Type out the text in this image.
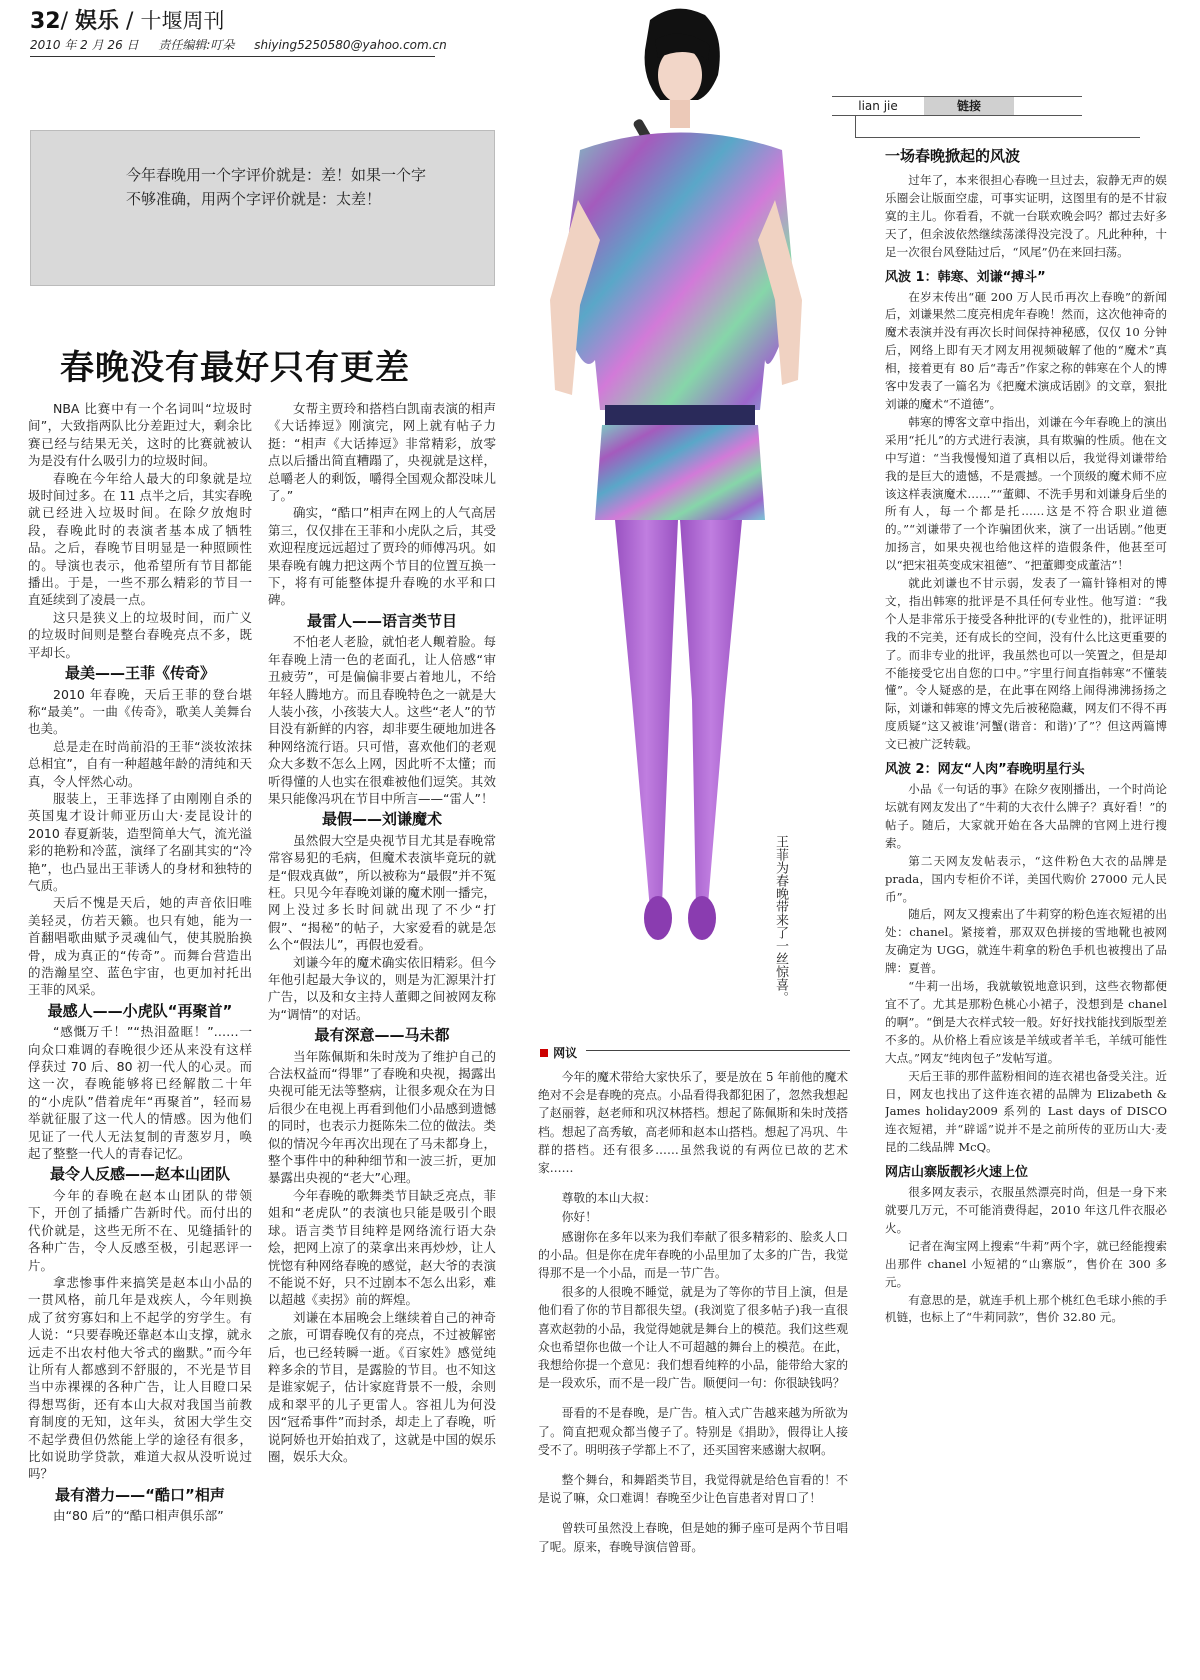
32/ 娱乐 / 十堰周刊
2010 年 2 月 26 日 责任编辑:叮朵 shiying5250580@yahoo.com.cn

今年春晚用一个字评价就是：差！如果一个字不够准确，用两个字评价就是：太差！

春晚没有最好只有更差

NBA 比赛中有一个名词叫“垃圾时间”，大致指两队比分差距过大，剩余比赛已经与结果无关，这时的比赛就被认为是没有什么吸引力的垃圾时间。

春晚在今年给人最大的印象就是垃圾时间过多。在 11 点半之后，其实春晚就已经进入垃圾时间。在除夕放炮时段，春晚此时的表演者基本成了牺牲品。之后，春晚节目明显是一种照顾性的。导演也表示，他希望所有节目都能播出。于是，一些不那么精彩的节目一直延续到了凌晨一点。

这只是狭义上的垃圾时间，而广义的垃圾时间则是整台春晚亮点不多，既平却长。

最美——王菲《传奇》

2010 年春晚，天后王菲的登台堪称“最美”。一曲《传奇》，歌美人美舞台也美。

总是走在时尚前沿的王菲“淡妆浓抹总相宜”，自有一种超越年龄的清纯和天真，令人怦然心动。

服装上，王菲选择了由刚刚自杀的英国鬼才设计师亚历山大·麦昆设计的 2010 春夏新装，造型简单大气，流光溢彩的艳粉和冷蓝，演绎了名副其实的“冷艳”，也凸显出王菲诱人的身材和独特的气质。

天后不愧是天后，她的声音依旧唯美轻灵，仿若天籁。也只有她，能为一首翻唱歌曲赋予灵魂仙气，使其脱胎换骨，成为真正的“传奇”。而舞台营造出的浩瀚星空、蓝色宇宙，也更加衬托出王菲的风采。

最感人——小虎队“再聚首”

“感慨万千！”“热泪盈眶！”……一向众口难调的春晚很少还从来没有这样俘获过 70 后、80 初一代人的心灵。而这一次，春晚能够将已经解散二十年的“小虎队”借着虎年“再聚首”，轻而易举就征服了这一代人的情感。因为他们见证了一代人无法复制的青葱岁月，唤起了整整一代人的青春记忆。

最令人反感——赵本山团队

今年的春晚在赵本山团队的带领下，开创了插播广告新时代。而付出的代价就是，这些无所不在、见缝插针的各种广告，令人反感至极，引起恶评一片。

拿悲惨事件来搞笑是赵本山小品的一贯风格，前几年是戏疾人，今年则换成了贫穷寡妇和上不起学的穷学生。有人说：“只要春晚还靠赵本山支撑，就永远走不出农村他大爷式的幽默。”而今年让所有人都感到不舒服的，不光是节目当中赤裸裸的各种广告，让人目瞪口呆得想骂街，还有本山大叔对我国当前教育制度的无知，这年头，贫困大学生交不起学费但仍然能上学的途径有很多，比如说助学贷款，难道大叔从没听说过吗？

最有潜力——“酷口”相声

由“80 后”的“酷口相声俱乐部”

女帮主贾玲和搭档白凯南表演的相声《大话捧逗》刚演完，网上就有帖子力挺：“相声《大话捧逗》非常精彩，放零点以后播出简直糟蹋了，央视就是这样，总嚼老人的剩饭，嚼得全国观众都没味儿了。”

确实，“酷口”相声在网上的人气高居第三，仅仅排在王菲和小虎队之后，其受欢迎程度远远超过了贾玲的师傅冯巩。如果春晚有魄力把这两个节目的位置互换一下，将有可能整体提升春晚的水平和口碑。

最雷人——语言类节目

不怕老人老脸，就怕老人觍着脸。每年春晚上清一色的老面孔，让人倍感“审丑疲劳”，可是偏偏非要占着地儿，不给年轻人腾地方。而且春晚特色之一就是大人装小孩，小孩装大人。这些“老人”的节目没有新鲜的内容，却非要生硬地加进各种网络流行语。只可惜，喜欢他们的老观众大多数不怎么上网，因此听不太懂；而听得懂的人也实在很难被他们逗笑。其效果只能像冯巩在节目中所言——“雷人”！

最假——刘谦魔术

虽然假大空是央视节目尤其是春晚常常容易犯的毛病，但魔术表演毕竟玩的就是“假戏真做”，所以被称为“最假”并不冤枉。只见今年春晚刘谦的魔术刚一播完，网上没过多长时间就出现了不少“打假”、“揭秘”的帖子，大家爱看的就是怎么个“假法儿”，再假也爱看。

刘谦今年的魔术确实依旧精彩。但今年他引起最大争议的，则是为汇源果汁打广告，以及和女主持人董卿之间被网友称为“调情”的对话。

最有深意——马未都

当年陈佩斯和朱时茂为了维护自己的合法权益而“得罪”了春晚和央视，揭露出央视可能无法等整病，让很多观众在为日后很少在电视上再看到他们小品感到遗憾的同时，也表示力挺陈朱二位的做法。类似的情况今年再次出现在了马未都身上，整个事件中的种种细节和一波三折，更加暴露出央视的“老大”心理。

今年春晚的歌舞类节目缺乏亮点，菲姐和“老虎队”的表演也只能是吸引个眼球。语言类节目纯粹是网络流行语大杂烩，把网上凉了的菜拿出来再炒炒，让人恍惚有种网络春晚的感觉，赵大爷的表演不能说不好，只不过剧本不怎么出彩，难以超越《卖拐》前的辉煌。

刘谦在本届晚会上继续着自己的神奇之旅，可谓春晚仅有的亮点，不过被解密后，也已经转瞬一逝。《百家姓》感觉纯粹多余的节目，是露脸的节目。也不知这是谁家妮子，估计家庭背景不一般，余则成和翠平的儿子更雷人。容祖儿为何没因“冠希事件”而封杀，却走上了春晚，听说阿娇也开始拍戏了，这就是中国的娱乐圈，娱乐大众。

王菲为春晚带来了一丝惊喜。
网议

今年的魔术带给大家快乐了，要是放在 5 年前他的魔术绝对不会是春晚的亮点。小品看得我都犯困了，忽然我想起了赵丽蓉，赵老师和巩汉林搭档。想起了陈佩斯和朱时茂搭档。想起了高秀敏，高老师和赵本山搭档。想起了冯巩、牛群的搭档。还有很多……虽然我说的有两位已故的艺术家……

尊敬的本山大叔：

你好！

感谢你在多年以来为我们奉献了很多精彩的、脍炙人口的小品。但是你在虎年春晚的小品里加了太多的广告，我觉得那不是一个小品，而是一节广告。

很多的人很晚不睡觉，就是为了等你的节目上演，但是他们看了你的节目都很失望。(我浏览了很多帖子)我一直很喜欢赵勃的小品，我觉得她就是舞台上的模范。我们这些观众也希望你也做一个让人不可超越的舞台上的模范。在此，我想给你提一个意见：我们想看纯粹的小品，能带给大家的是一段欢乐，而不是一段广告。顺便问一句：你很缺钱吗？

哥看的不是春晚，是广告。植入式广告越来越为所欲为了。简直把观众都当傻子了。特别是《捐助》，假得让人接受不了。明明孩子学都上不了，还买国窖来感谢大叔啊。

整个舞台，和舞蹈类节目，我觉得就是给色盲看的！不是说了嘛，众口难调！春晚至少让色盲患者对胃口了！

曾轶可虽然没上春晚，但是她的狮子座可是两个节目唱了呢。原来，春晚导演信曾哥。

lian jie	链接
一场春晚掀起的风波

过年了，本来很担心春晚一旦过去，寂静无声的娱乐圈会让版面空虚，可事实证明，这图里有的是不甘寂寞的主儿。你看看，不就一台联欢晚会吗？都过去好多天了，但余波依然继续荡漾得没完没了。凡此种种，十足一次很台风登陆过后，“风尾”仍在来回扫荡。

风波 1：韩寒、刘谦“搏斗”

在岁末传出“砸 200 万人民币再次上春晚”的新闻后，刘谦果然二度亮相虎年春晚！然而，这次他神奇的魔术表演并没有再次长时间保持神秘感，仅仅 10 分钟后，网络上即有天才网友用视频破解了他的“魔术”真相，接着更有 80 后“毒舌”作家之称的韩寒在个人的博客中发表了一篇名为《把魔术演成话剧》的文章，狠批刘谦的魔术“不道德”。

韩寒的博客文章中指出，刘谦在今年春晚上的演出采用“托儿”的方式进行表演，具有欺骗的性质。他在文中写道：“当我慢慢知道了真相以后，我觉得刘谦带给我的是巨大的遗憾，不是震撼。一个顶级的魔术师不应该这样表演魔术……”“董卿、不洗手男和刘谦身后坐的所有人，每一个都是托……这是不符合职业道德的。”“刘谦带了一个诈骗团伙来，演了一出话剧。”他更加扬言，如果央视也给他这样的造假条件，他甚至可以“把宋祖英变成宋祖德”、“把董卿变成董洁”！

就此刘谦也不甘示弱，发表了一篇针锋相对的博文，指出韩寒的批评是不具任何专业性。他写道：“我个人是非常乐于接受各种批评的(专业性的)，批评证明我的不完美，还有成长的空间，没有什么比这更重要的了。而非专业的批评，我虽然也可以一笑置之，但是却不能接受它出自您的口中。”宇里行间直指韩寒“不懂装懂”。令人疑惑的是，在此事在网络上闹得沸沸扬扬之际，刘谦和韩寒的博文先后被秘隐藏，网友们不得不再度质疑“这又被谁‘河蟹(谐音：和谐)’了”？但这两篇博文已被广泛转载。

风波 2：网友“人肉”春晚明星行头

小品《一句话的事》在除夕夜刚播出，一个时尚论坛就有网友发出了“牛莉的大衣什么牌子？真好看！”的帖子。随后，大家就开始在各大品牌的官网上进行搜索。

第二天网友发帖表示，“这件粉色大衣的品牌是 prada，国内专柜价不详，美国代购价 27000 元人民币”。

随后，网友又搜索出了牛莉穿的粉色连衣短裙的出处：chanel。紧接着，那双双色拼接的雪地靴也被网友确定为 UGG，就连牛莉拿的粉色手机也被搜出了品牌：夏普。

“牛莉一出场，我就敏锐地意识到，这些衣物都便宜不了。尤其是那粉色桃心小裙子，没想到是 chanel 的啊”。“倒是大衣样式较一般。好好找找能找到版型差不多的。从价格上看应该是羊绒或者羊毛，羊绒可能性大点。”网友“纯肉包子”发帖写道。

天后王菲的那件蓝粉相间的连衣裙也备受关注。近日，网友也找出了这件连衣裙的品牌为 Elizabeth & James holiday2009 系列的 Last days of DISCO 连衣短裙，并“辟谣”说并不是之前所传的亚历山大·麦昆的二线品牌 McQ。

网店山寨版靓衫火速上位

很多网友表示，衣服虽然漂亮时尚，但是一身下来就要几万元，不可能消费得起，2010 年这几件衣服必火。

记者在淘宝网上搜索“牛莉”两个字，就已经能搜索出那件 chanel 小短裙的“山寨版”，售价在 300 多元。

有意思的是，就连手机上那个桃红色毛球小熊的手机链，也标上了“牛莉同款”，售价 32.80 元。
